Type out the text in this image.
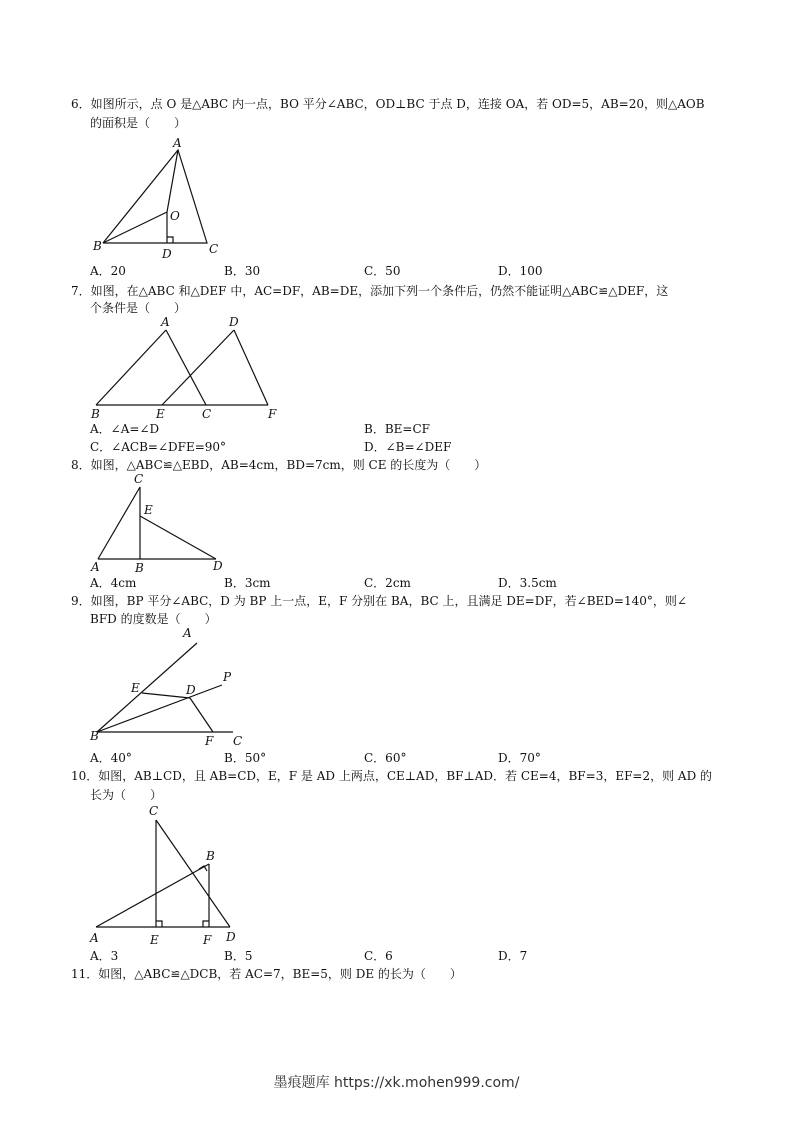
6．如图所示，点 O 是△ABC 内一点，BO 平分∠ABC，OD⊥BC 于点 D，连接 OA，若 OD=5，AB=20，则△AOB
的面积是（　　）
A
O
B
D	C
A．20	B．30	C．50	D．100
7．如图，在△ABC 和△DEF 中，AC=DF，AB=DE，添加下列一个条件后，仍然不能证明△ABC≌△DEF，这
个条件是（　　）
A	D
B	E	C	F
A．∠A=∠D	B．BE=CF
C．∠ACB=∠DFE=90°	D．∠B=∠DEF
8．如图，△ABC≌△EBD，AB=4cm，BD=7cm，则 CE 的长度为（　　）
C
E
A	B	D
A．4cm	B．3cm	C．2cm	D．3.5cm
9．如图，BP 平分∠ABC，D 为 BP 上一点，E，F 分别在 BA，BC 上，且满足 DE=DF，若∠BED=140°，则∠
BFD 的度数是（　　）
A
P
E	D
B	F C
A．40°	B．50°	C．60°	D．70°
10．如图，AB⊥CD，且 AB=CD，E，F 是 AD 上两点，CE⊥AD，BF⊥AD．若 CE=4，BF=3，EF=2，则 AD 的
长为（　　）
C
B
A	E	F D
A．3	B．5	C．6	D．7
11．如图，△ABC≌△DCB，若 AC=7，BE=5，则 DE 的长为（　　）
墨痕题库 https://xk.mohen999.com/
